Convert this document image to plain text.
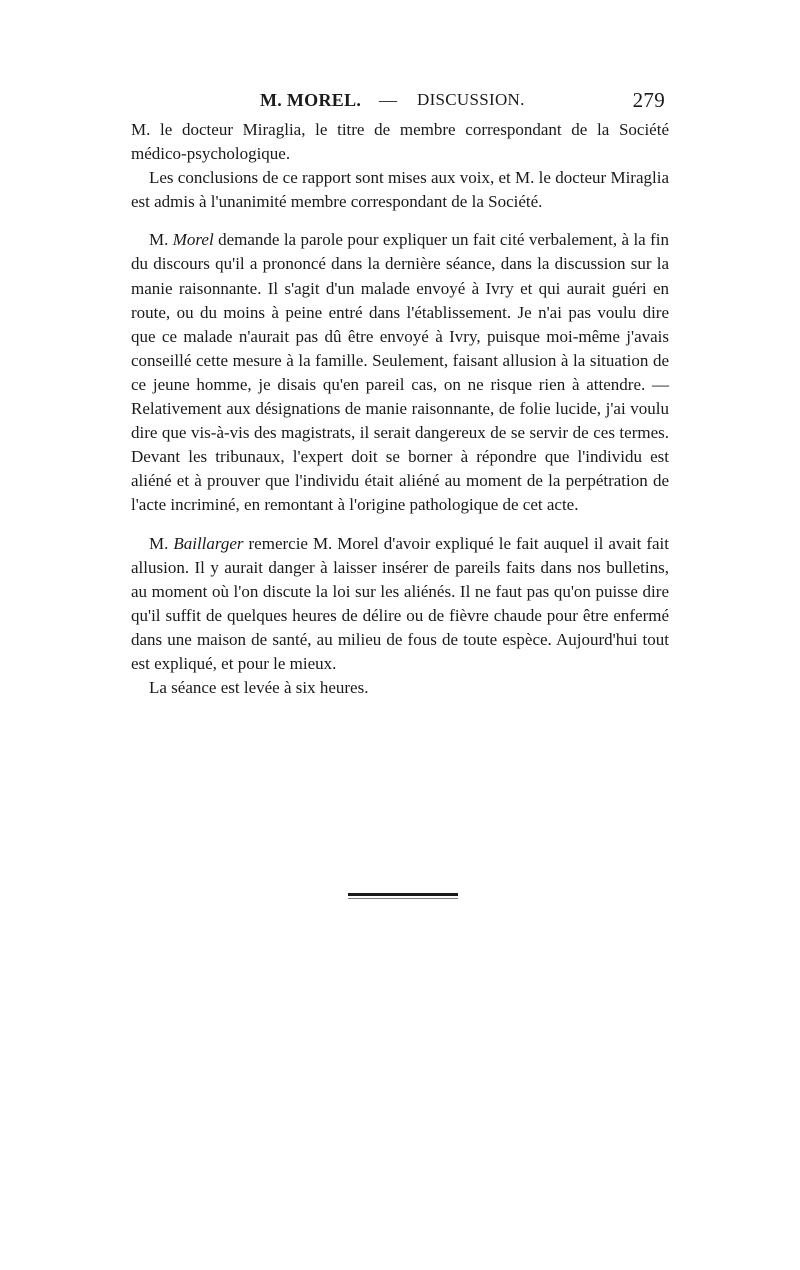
M. MOREL. — DISCUSSION.	279

M. le docteur Miraglia, le titre de membre correspondant de la Société médico-psychologique.

Les conclusions de ce rapport sont mises aux voix, et M. le docteur Miraglia est admis à l'unanimité membre correspondant de la Société.

M. Morel demande la parole pour expliquer un fait cité verbalement, à la fin du discours qu'il a prononcé dans la dernière séance, dans la discussion sur la manie raisonnante. Il s'agit d'un malade envoyé à Ivry et qui aurait guéri en route, ou du moins à peine entré dans l'établissement. Je n'ai pas voulu dire que ce malade n'aurait pas dû être envoyé à Ivry, puisque moi-même j'avais conseillé cette mesure à la famille. Seulement, faisant allusion à la situation de ce jeune homme, je disais qu'en pareil cas, on ne risque rien à attendre. — Relativement aux désignations de manie raisonnante, de folie lucide, j'ai voulu dire que vis-à-vis des magistrats, il serait dangereux de se servir de ces termes. Devant les tribunaux, l'expert doit se borner à répondre que l'individu est aliéné et à prouver que l'individu était aliéné au moment de la perpétration de l'acte incriminé, en remontant à l'origine pathologique de cet acte.

M. Baillarger remercie M. Morel d'avoir expliqué le fait auquel il avait fait allusion. Il y aurait danger à laisser insérer de pareils faits dans nos bulletins, au moment où l'on discute la loi sur les aliénés. Il ne faut pas qu'on puisse dire qu'il suffit de quelques heures de délire ou de fièvre chaude pour être enfermé dans une maison de santé, au milieu de fous de toute espèce. Aujourd'hui tout est expliqué, et pour le mieux.

La séance est levée à six heures.
